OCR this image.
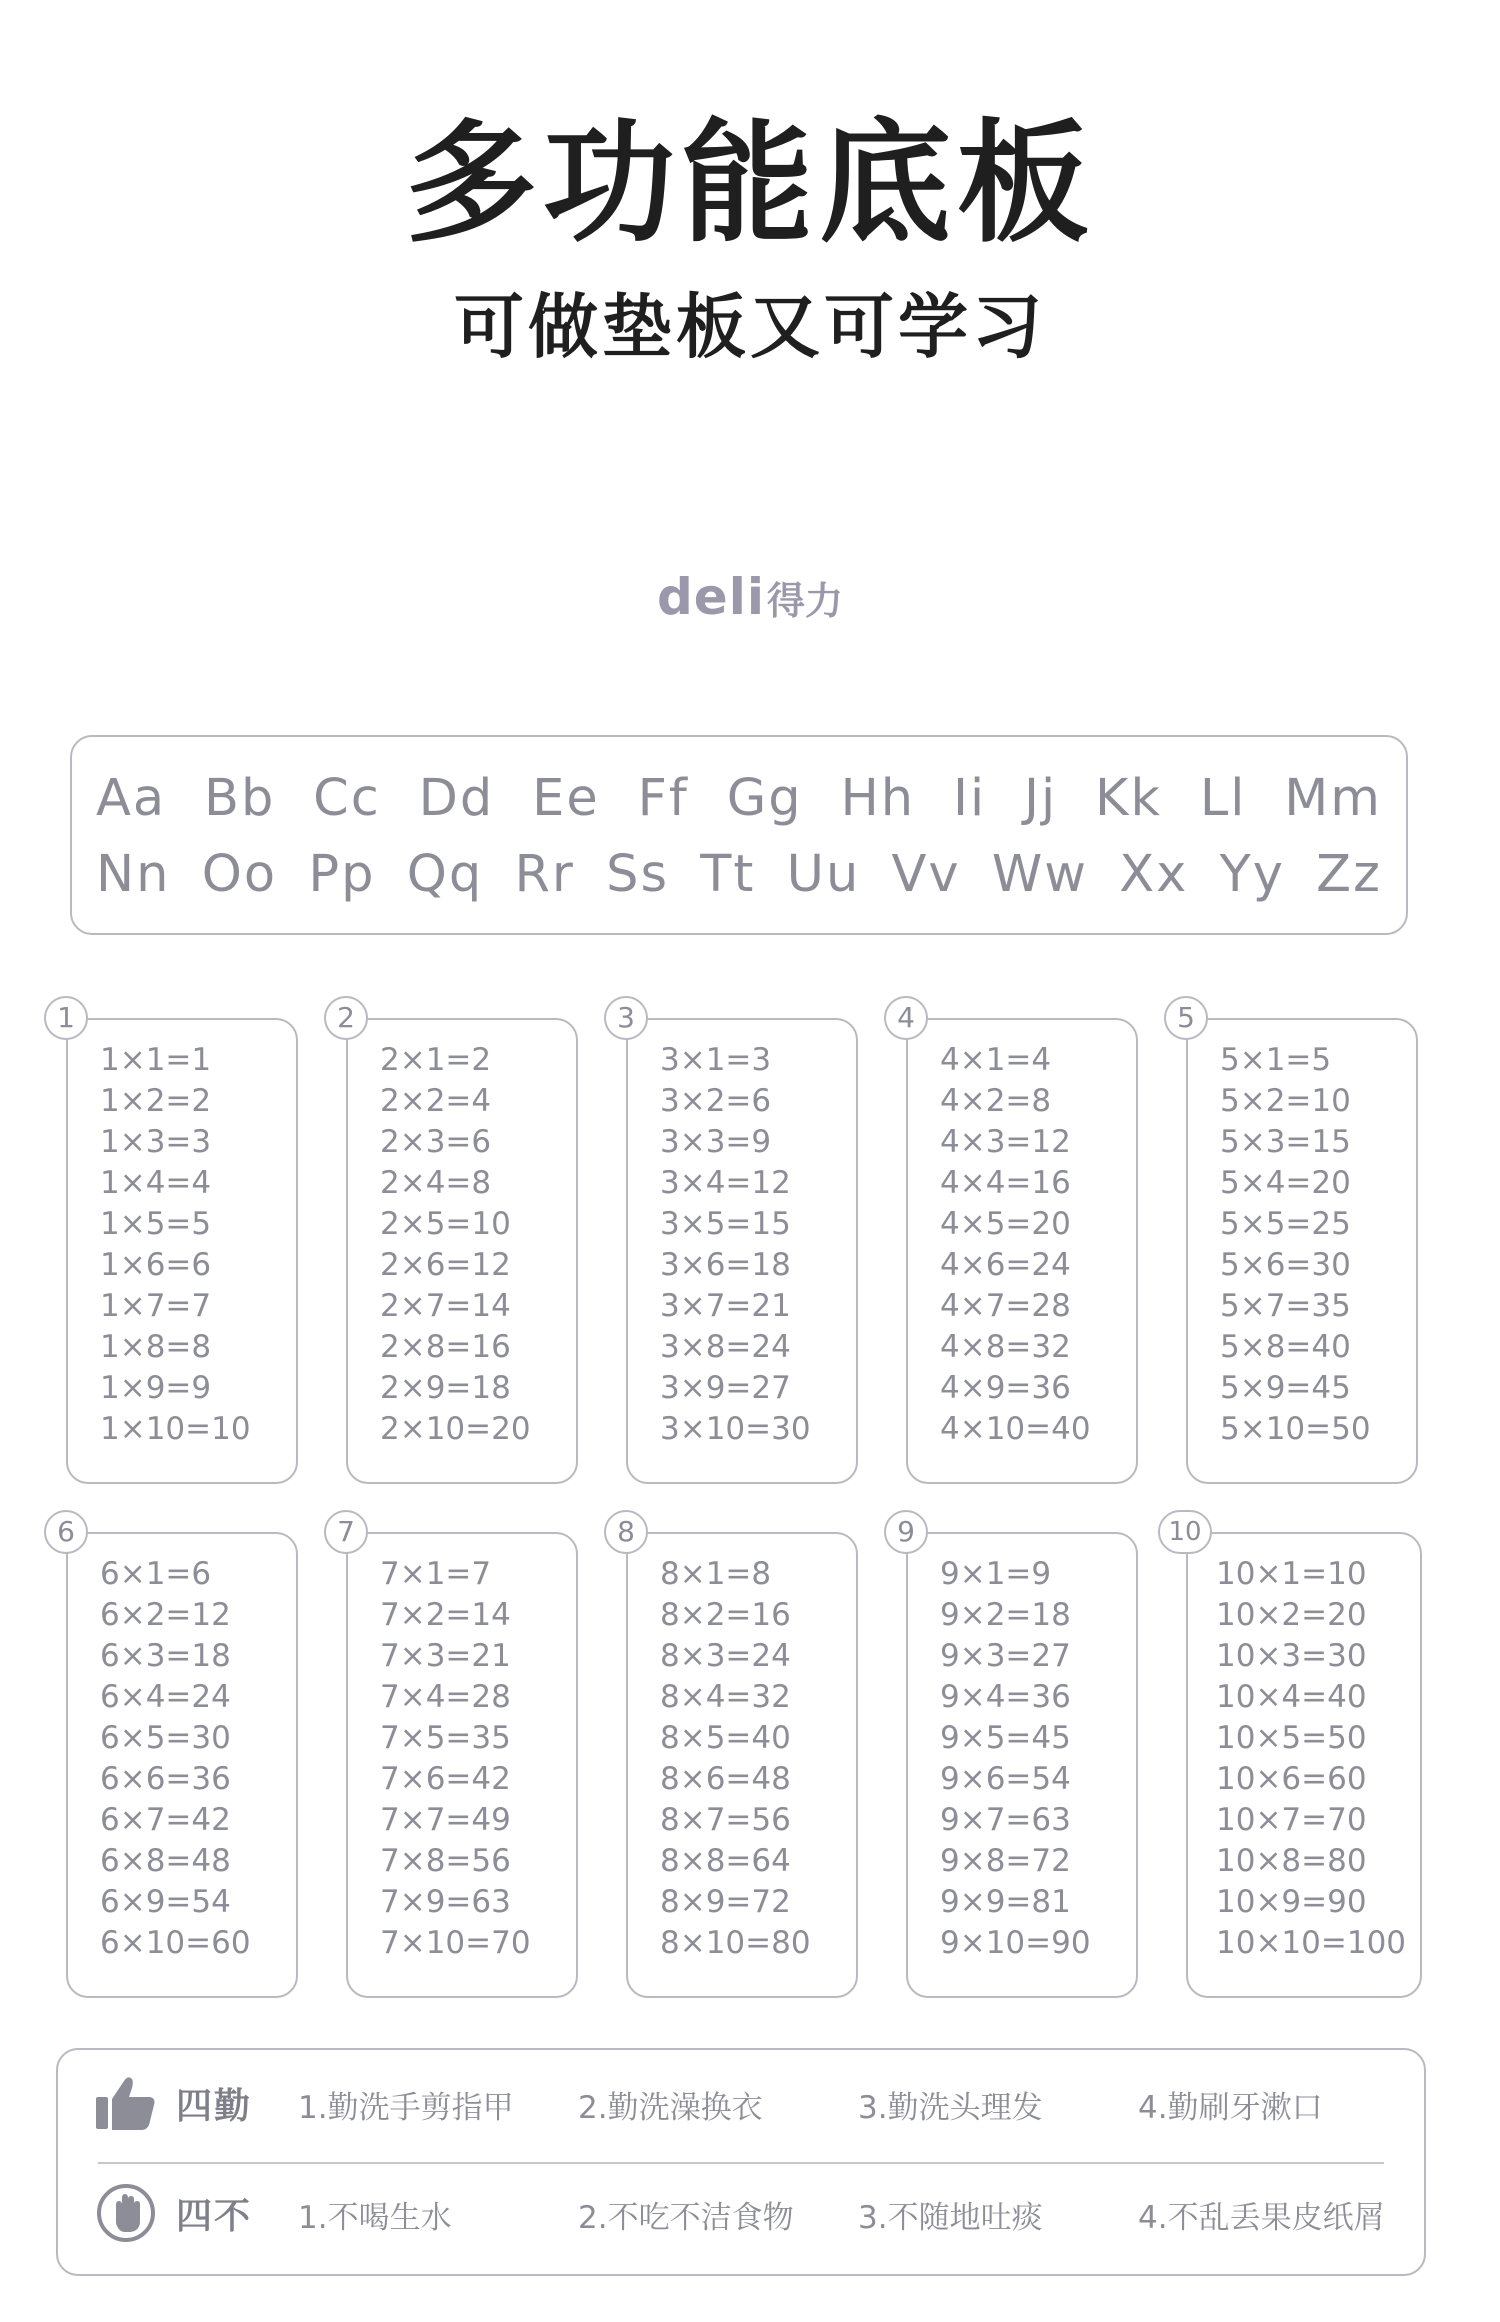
多功能底板
可做垫板又可学习
deli得力
Aa Bb Cc Dd Ee Ff Gg Hh Ii Jj Kk Ll Mm
Nn Oo Pp Qq Rr Ss Tt Uu Vv Ww Xx Yy Zz
1
1×1=1
1×2=2
1×3=3
1×4=4
1×5=5
1×6=6
1×7=7
1×8=8
1×9=9
1×10=10
2
2×1=2
2×2=4
2×3=6
2×4=8
2×5=10
2×6=12
2×7=14
2×8=16
2×9=18
2×10=20
3
3×1=3
3×2=6
3×3=9
3×4=12
3×5=15
3×6=18
3×7=21
3×8=24
3×9=27
3×10=30
4
4×1=4
4×2=8
4×3=12
4×4=16
4×5=20
4×6=24
4×7=28
4×8=32
4×9=36
4×10=40
5
5×1=5
5×2=10
5×3=15
5×4=20
5×5=25
5×6=30
5×7=35
5×8=40
5×9=45
5×10=50
6
6×1=6
6×2=12
6×3=18
6×4=24
6×5=30
6×6=36
6×7=42
6×8=48
6×9=54
6×10=60
7
7×1=7
7×2=14
7×3=21
7×4=28
7×5=35
7×6=42
7×7=49
7×8=56
7×9=63
7×10=70
8
8×1=8
8×2=16
8×3=24
8×4=32
8×5=40
8×6=48
8×7=56
8×8=64
8×9=72
8×10=80
9
9×1=9
9×2=18
9×3=27
9×4=36
9×5=45
9×6=54
9×7=63
9×8=72
9×9=81
9×10=90
10
10×1=10
10×2=20
10×3=30
10×4=40
10×5=50
10×6=60
10×7=70
10×8=80
10×9=90
10×10=100
四勤 1.勤洗手剪指甲 2.勤洗澡换衣	3.勤洗头理发	4.勤刷牙漱口
四不 1.不喝生水	2.不吃不洁食物 3.不随地吐痰	4.不乱丢果皮纸屑
